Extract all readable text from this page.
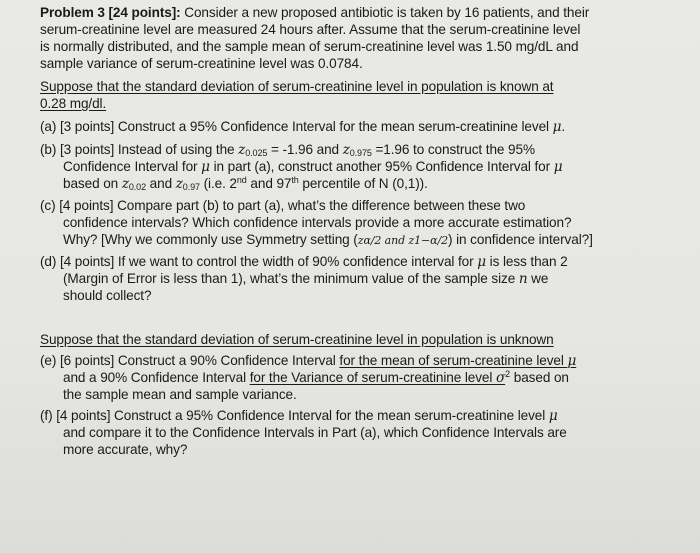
Problem 3 [24 points]: Consider a new proposed antibiotic is taken by 16 patients, and their
serum-creatinine level are measured 24 hours after. Assume that the serum-creatinine level
is normally distributed, and the sample mean of serum-creatinine level was 1.50 mg/dL and
sample variance of serum-creatinine level was 0.0784.
Suppose that the standard deviation of serum-creatinine level in population is known at
0.28 mg/dl.
(a) [3 points] Construct a 95% Confidence Interval for the mean serum-creatinine level μ.
(b) [3 points] Instead of using the $z_{0.025} = -1.96$ and $z_{0.975} =1.96$ to construct the 95%
Confidence Interval for μ in part (a), construct another 95% Confidence Interval for μ
based on $z_{0.02}$ and $z_{0.97}$ (i.e. 2nd and 97th percentile of N (0,1)).
(c) [4 points] Compare part (b) to part (a), what’s the difference between these two
confidence intervals? Which confidence intervals provide a more accurate estimation?
Why? [Why we commonly use Symmetry setting (zα/2 and z1−α/2) in confidence interval?]
(d) [4 points] If we want to control the width of 90% confidence interval for μ is less than 2
(Margin of Error is less than 1), what’s the minimum value of the sample size n we
should collect?
Suppose that the standard deviation of serum-creatinine level in population is unknown
(e) [6 points] Construct a 90% Confidence Interval for the mean of serum-creatinine level μ
and a 90% Confidence Interval for the Variance of serum-creatinine level $\sigma^2$ based on
the sample mean and sample variance.
(f) [4 points] Construct a 95% Confidence Interval for the mean serum-creatinine level μ
and compare it to the Confidence Intervals in Part (a), which Confidence Intervals are
more accurate, why?
